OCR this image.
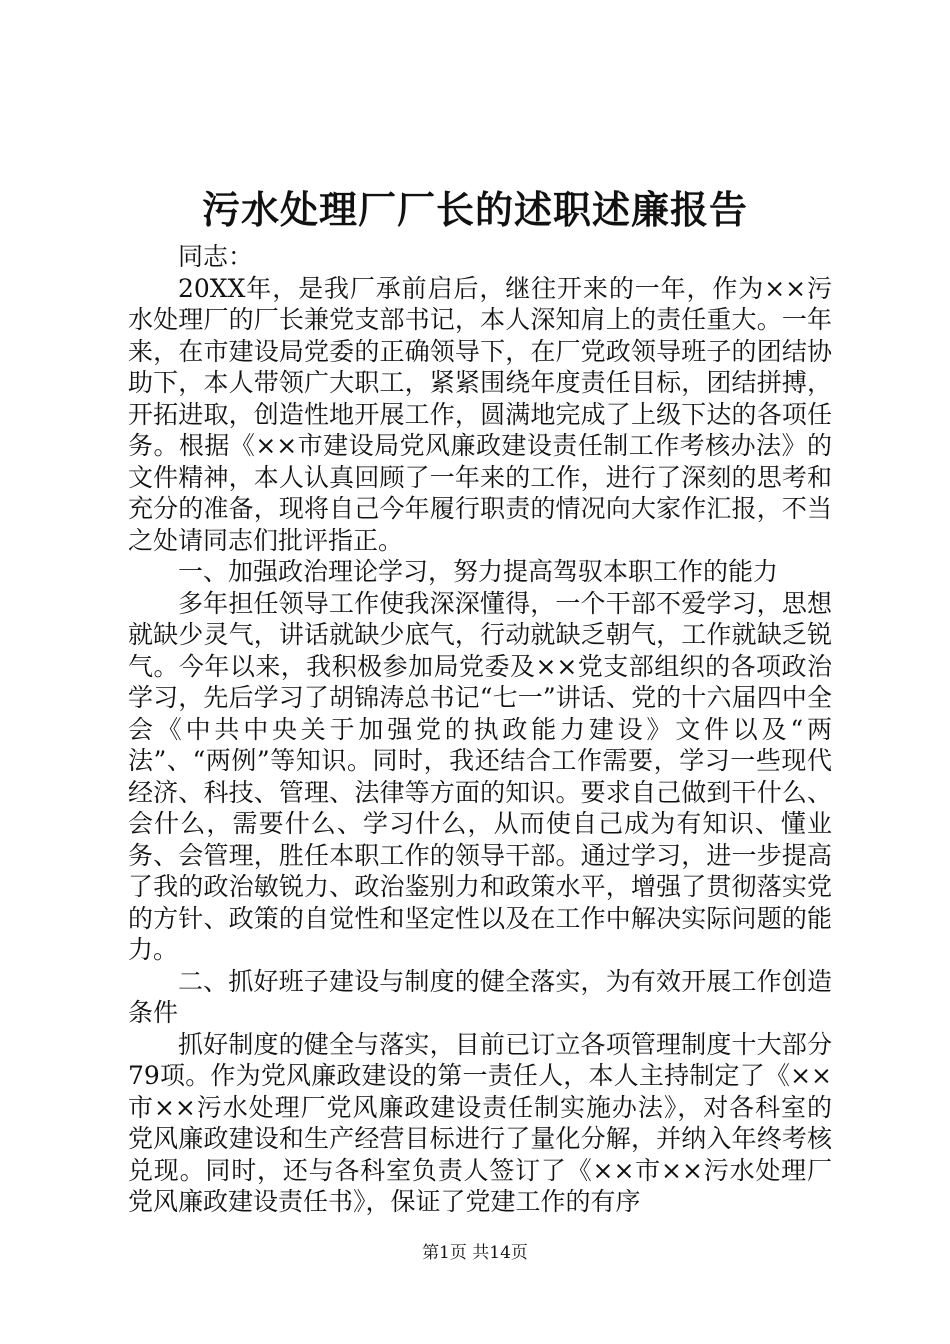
污水处理厂厂长的述职述廉报告

同志：

20XX年，是我厂承前启后，继往开来的一年，作为××污水处理厂的厂长兼党支部书记，本人深知肩上的责任重大。一年来，在市建设局党委的正确领导下，在厂党政领导班子的团结协助下，本人带领广大职工，紧紧围绕年度责任目标，团结拼搏，开拓进取，创造性地开展工作，圆满地完成了上级下达的各项任务。根据《××市建设局党风廉政建设责任制工作考核办法》的文件精神，本人认真回顾了一年来的工作，进行了深刻的思考和充分的准备，现将自己今年履行职责的情况向大家作汇报，不当之处请同志们批评指正。

一、加强政治理论学习，努力提高驾驭本职工作的能力

多年担任领导工作使我深深懂得，一个干部不爱学习，思想就缺少灵气，讲话就缺少底气，行动就缺乏朝气，工作就缺乏锐气。今年以来，我积极参加局党委及××党支部组织的各项政治学习，先后学习了胡锦涛总书记“七一”讲话、党的十六届四中全会《中共中央关于加强党的执政能力建设》文件以及“两法”、“两例”等知识。同时，我还结合工作需要，学习一些现代经济、科技、管理、法律等方面的知识。要求自己做到干什么、会什么，需要什么、学习什么，从而使自己成为有知识、懂业务、会管理，胜任本职工作的领导干部。通过学习，进一步提高了我的政治敏锐力、政治鉴别力和政策水平，增强了贯彻落实党的方针、政策的自觉性和坚定性以及在工作中解决实际问题的能力。

二、抓好班子建设与制度的健全落实，为有效开展工作创造条件

抓好制度的健全与落实，目前已订立各项管理制度十大部分79项。作为党风廉政建设的第一责任人，本人主持制定了《××市××污水处理厂党风廉政建设责任制实施办法》，对各科室的党风廉政建设和生产经营目标进行了量化分解，并纳入年终考核兑现。同时，还与各科室负责人签订了《××市××污水处理厂党风廉政建设责任书》，保证了党建工作的有序

第1页 共14页
